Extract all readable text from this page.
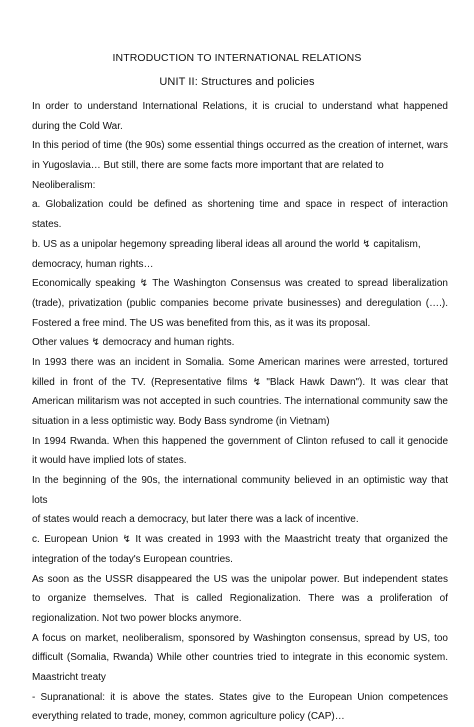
INTRODUCTION TO INTERNATIONAL RELATIONS
UNIT II: Structures and policies
In order to understand International Relations, it is crucial to understand what happened
during the Cold War.
In this period of time (the 90s) some essential things occurred as the creation of internet, wars
in Yugoslavia… But still, there are some facts more important that are related to
Neoliberalism:
a. Globalization could be defined as shortening time and space in respect of interaction
states.
b. US as a unipolar hegemony spreading liberal ideas all around the world ↯ capitalism,
democracy, human rights…
Economically speaking ↯ The Washington Consensus was created to spread liberalization
(trade), privatization (public companies become private businesses) and deregulation (….).
Fostered a free mind. The US was benefited from this, as it was its proposal.
Other values ↯ democracy and human rights.
In 1993 there was an incident in Somalia. Some American marines were arrested, tortured
killed in front of the TV. (Representative films ↯ "Black Hawk Dawn"). It was clear that
American militarism was not accepted in such countries. The international community saw the
situation in a less optimistic way. Body Bass syndrome (in Vietnam)
In 1994 Rwanda. When this happened the government of Clinton refused to call it genocide
it would have implied lots of states.
In the beginning of the 90s, the international community believed in an optimistic way that
lots
of states would reach a democracy, but later there was a lack of incentive.
c. European Union ↯ It was created in 1993 with the Maastricht treaty that organized the
integration of the today's European countries.
As soon as the USSR disappeared the US was the unipolar power. But independent states
to organize themselves. That is called Regionalization. There was a proliferation of
regionalization. Not two power blocks anymore.
A focus on market, neoliberalism, sponsored by Washington consensus, spread by US, too
difficult (Somalia, Rwanda) While other countries tried to integrate in this economic system.
Maastricht treaty
- Supranational: it is above the states. States give to the European Union competences
everything related to trade, money, common agriculture policy (CAP)…
